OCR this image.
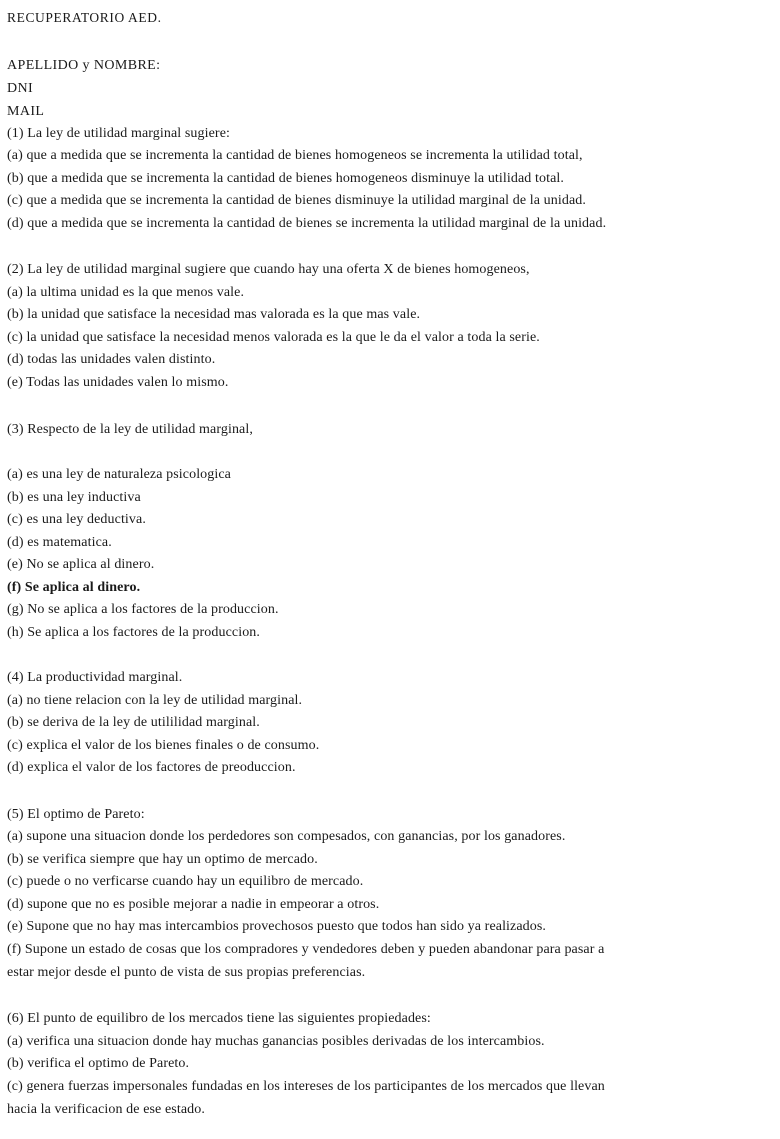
RECUPERATORIO AED.
APELLIDO y NOMBRE:
DNI
MAIL
(1) La ley de utilidad marginal sugiere:
(a) que a medida que se incrementa la cantidad de bienes homogeneos se incrementa la utilidad total,
(b) que a medida que se incrementa la cantidad de bienes homogeneos disminuye la utilidad total.
(c) que a medida que se incrementa la cantidad de bienes disminuye la utilidad marginal de la unidad.
(d) que a medida que se incrementa la cantidad de bienes se incrementa la utilidad marginal de la unidad.
(2) La ley de utilidad marginal sugiere que cuando hay una oferta X de bienes homogeneos,
(a) la ultima unidad es la que menos vale.
(b) la unidad que satisface la necesidad mas valorada es la que mas vale.
(c) la unidad que satisface la necesidad menos valorada es la que le da el valor a toda la serie.
(d) todas las unidades valen distinto.
(e) Todas las unidades valen lo mismo.
(3) Respecto de la ley de utilidad marginal,
(a) es una ley de naturaleza psicologica
(b) es una ley inductiva
(c) es una ley deductiva.
(d) es matematica.
(e) No se aplica al dinero.
(f) Se aplica al dinero.
(g) No se aplica a los factores de la produccion.
(h) Se aplica a los factores de la produccion.
(4) La productividad marginal.
(a) no tiene relacion con la ley de utilidad marginal.
(b) se deriva de la ley de utililidad marginal.
(c) explica el valor de los bienes finales o de consumo.
(d) explica el valor de los factores de preoduccion.
(5) El optimo de Pareto:
(a) supone una situacion donde los perdedores son compesados, con ganancias, por los ganadores.
(b) se verifica siempre que hay un optimo de mercado.
(c) puede o no verficarse cuando hay un equilibro de mercado.
(d) supone que no es posible mejorar a nadie in empeorar a otros.
(e) Supone que no hay mas intercambios provechosos puesto que todos han sido ya realizados.
(f) Supone un estado de cosas que los compradores y vendedores deben y pueden abandonar para pasar a
estar mejor desde el punto de vista de sus propias preferencias.
(6) El punto de equilibro de los mercados tiene las siguientes propiedades:
(a) verifica una situacion donde hay muchas ganancias posibles derivadas de los intercambios.
(b) verifica el optimo de Pareto.
(c) genera fuerzas impersonales fundadas en los intereses de los participantes de los mercados que llevan
hacia la verificacion de ese estado.
